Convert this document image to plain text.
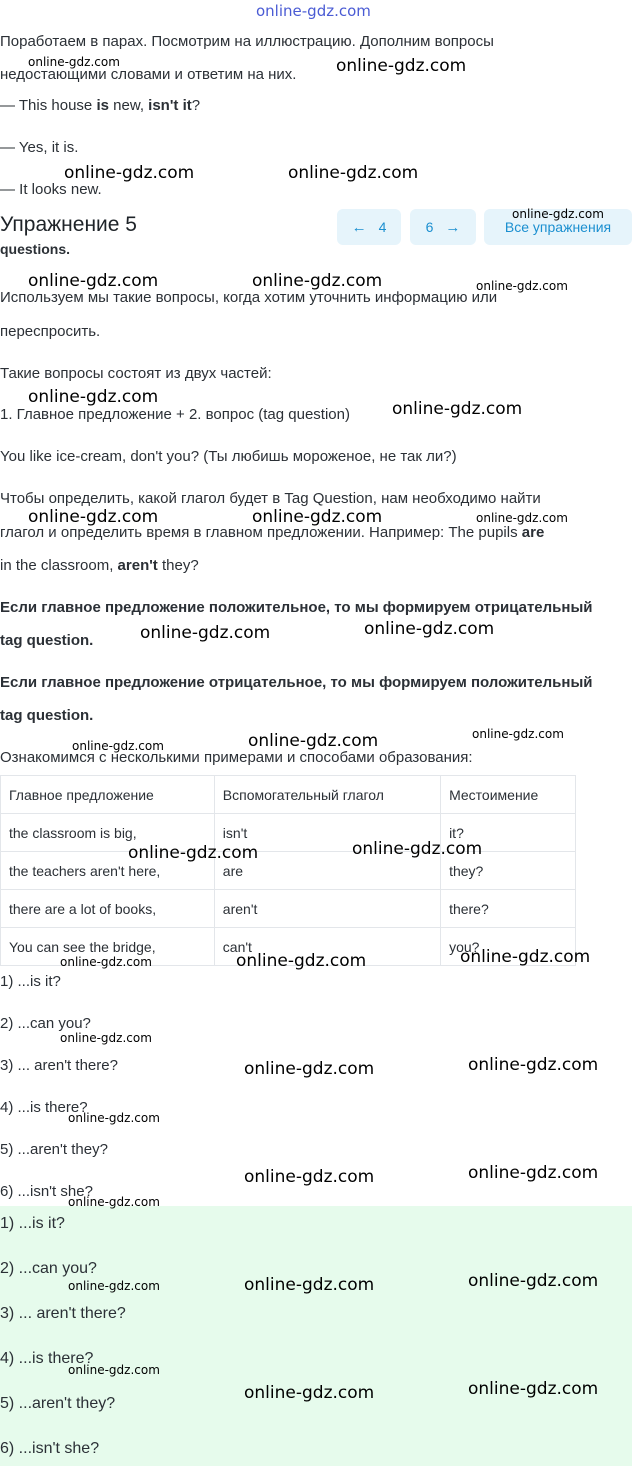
online-gdz.com
Поработаем в парах. Посмотрим на иллюстрацию. Дополним вопросы
недостающими словами и ответим на них.
— This house is new, isn't it?
— Yes, it is.
— It looks new.
Упражнение 5	← 4	6 →	Все упражнения
questions.
Используем мы такие вопросы, когда хотим уточнить информацию или
переспросить.
Такие вопросы состоят из двух частей:
1. Главное предложение + 2. вопрос (tag question)
You like ice-cream, don't you? (Ты любишь мороженое, не так ли?)
Чтобы определить, какой глагол будет в Tag Question, нам необходимо найти
глагол и определить время в главном предложении. Например: The pupils are
in the classroom, aren't they?
Если главное предложение положительное, то мы формируем отрицательный
tag question.
Если главное предложение отрицательное, то мы формируем положительный
tag question.
Ознакомимся с несколькими примерами и способами образования:
Главное предложение	Вспомогательный глагол	Местоимение
the classroom is big,	isn't	it?
the teachers aren't here,	are	they?
there are a lot of books,	aren't	there?
You can see the bridge,	can't	you?
1) ...is it?
2) ...can you?
3) ... aren't there?
4) ...is there?
5) ...aren't they?
6) ...isn't she?
1) ...is it?
2) ...can you?
3) ... aren't there?
4) ...is there?
5) ...aren't they?
6) ...isn't she?
online-gdz.com	online-gdz.com
online-gdz.com	online-gdz.com
online-gdz.com
online-gdz.com	online-gdz.com	online-gdz.com
online-gdz.com
online-gdz.com
online-gdz.com	online-gdz.com	online-gdz.com
online-gdz.com	online-gdz.com
online-gdz.com
online-gdz.com
online-gdz.com
online-gdz.com
online-gdz.com
online-gdz.com
online-gdz.com
online-gdz.com
online-gdz.com
online-gdz.com
online-gdz.com
online-gdz.com
online-gdz.com
online-gdz.com
online-gdz.com
online-gdz.com
online-gdz.com
online-gdz.com
online-gdz.com
online-gdz.com
online-gdz.com
